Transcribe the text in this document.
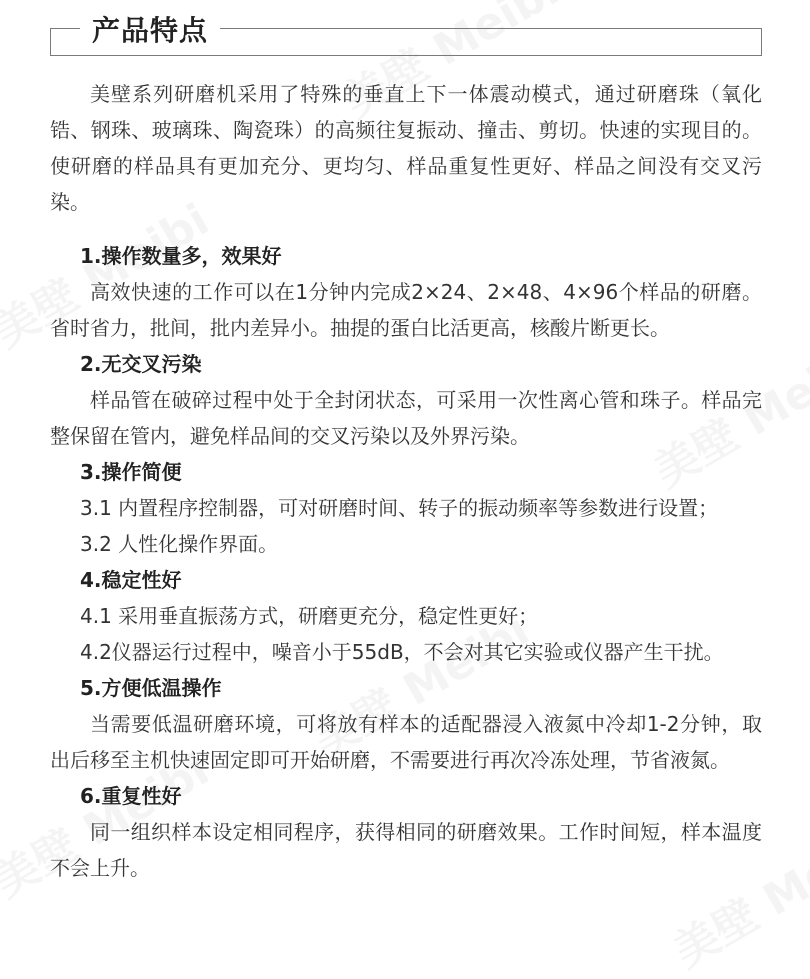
产品特点

美壁系列研磨机采用了特殊的垂直上下一体震动模式，通过研磨珠（氧化锆、钢珠、玻璃珠、陶瓷珠）的高频往复振动、撞击、剪切。快速的实现目的。使研磨的样品具有更加充分、更均匀、样品重复性更好、样品之间没有交叉污染。

1.操作数量多，效果好

高效快速的工作可以在1分钟内完成2×24、2×48、4×96个样品的研磨。省时省力，批间，批内差异小。抽提的蛋白比活更高，核酸片断更长。

2.无交叉污染

样品管在破碎过程中处于全封闭状态，可采用一次性离心管和珠子。样品完整保留在管内，避免样品间的交叉污染以及外界污染。

3.操作简便

3.1 内置程序控制器，可对研磨时间、转子的振动频率等参数进行设置；

3.2 人性化操作界面。

4.稳定性好

4.1 采用垂直振荡方式，研磨更充分，稳定性更好；

4.2仪器运行过程中，噪音小于55dB，不会对其它实验或仪器产生干扰。

5.方便低温操作

当需要低温研磨环境，可将放有样本的适配器浸入液氮中冷却1-2分钟，取出后移至主机快速固定即可开始研磨，不需要进行再次冷冻处理，节省液氮。

6.重复性好

同一组织样本设定相同程序，获得相同的研磨效果。工作时间短，样本温度不会上升。
